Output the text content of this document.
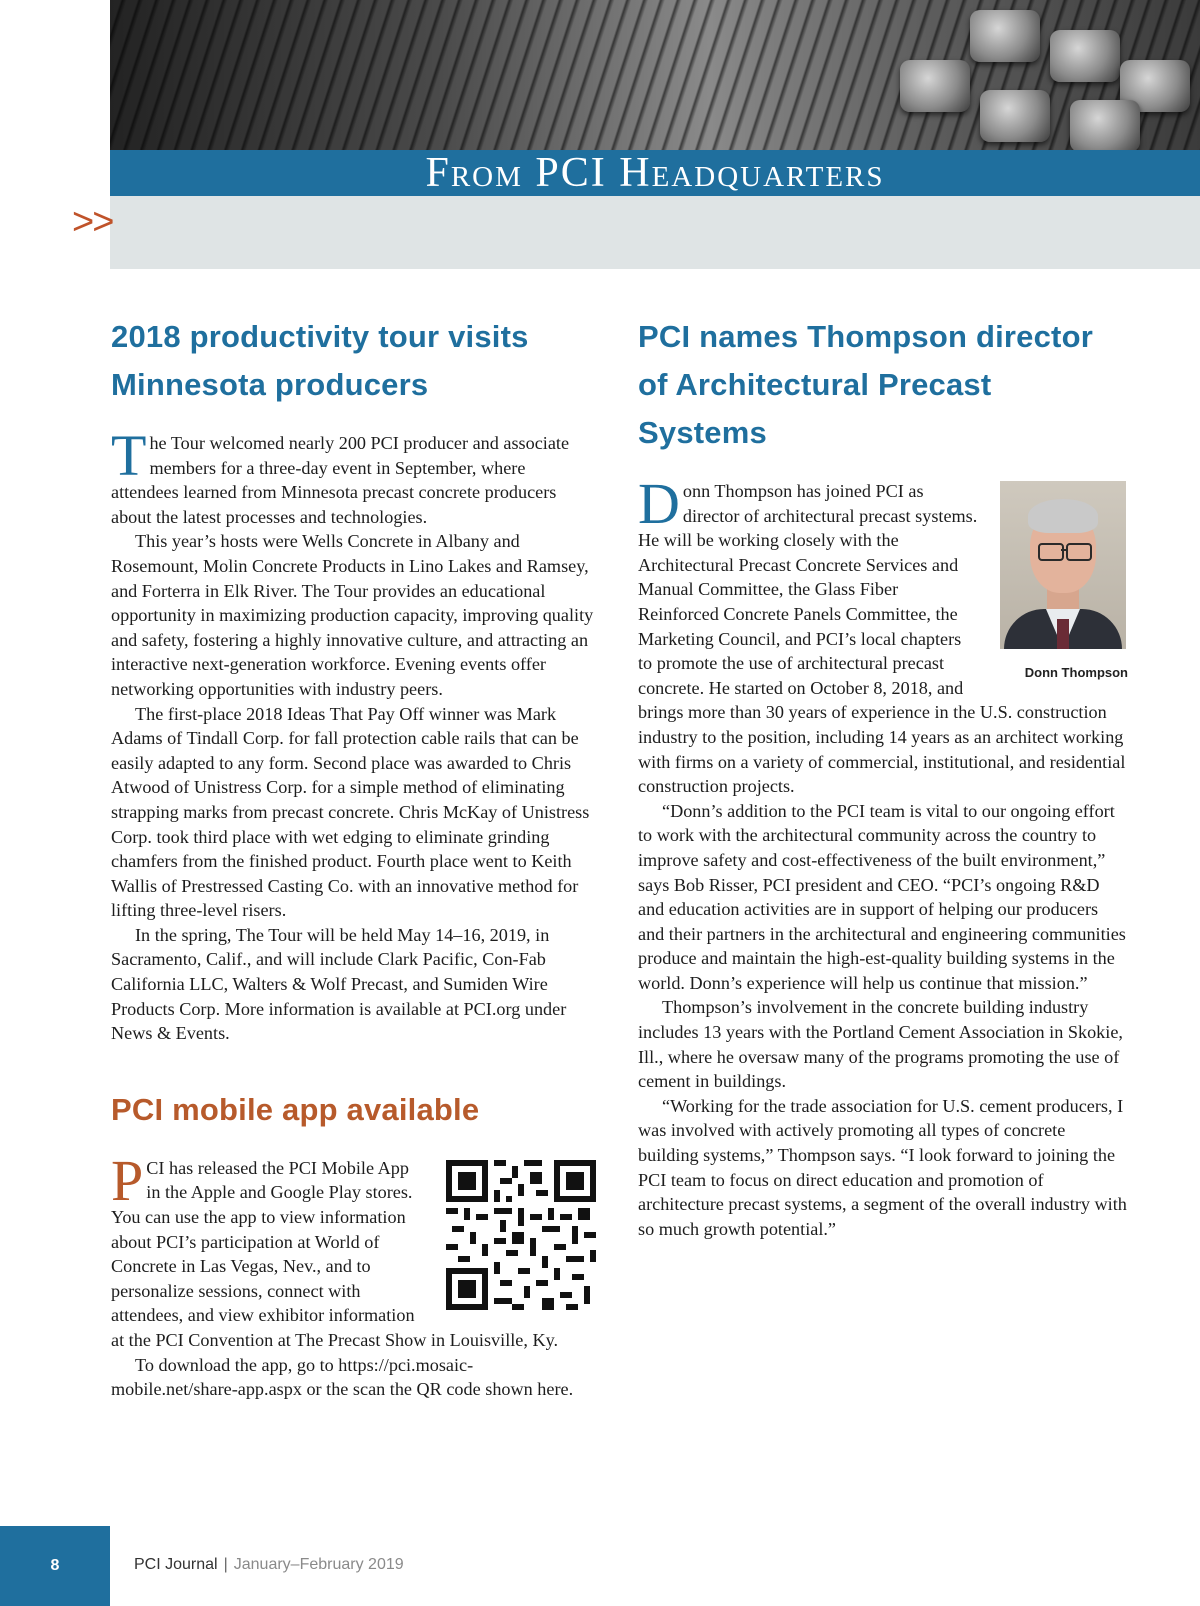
From PCI Headquarters
>>
2018 productivity tour visits Minnesota producers

The Tour welcomed nearly 200 PCI producer and associate members for a three-day event in September, where attendees learned from Minnesota precast concrete producers about the latest processes and technologies.

This year’s hosts were Wells Concrete in Albany and Rosemount, Molin Concrete Products in Lino Lakes and Ramsey, and Forterra in Elk River. The Tour provides an educational opportunity in maximizing production capacity, improving quality and safety, fostering a highly innovative culture, and attracting an interactive next-generation workforce. Evening events offer networking opportunities with industry peers.

The first-place 2018 Ideas That Pay Off winner was Mark Adams of Tindall Corp. for fall protection cable rails that can be easily adapted to any form. Second place was awarded to Chris Atwood of Unistress Corp. for a simple method of eliminating strapping marks from precast concrete. Chris McKay of Unistress Corp. took third place with wet edging to eliminate grinding chamfers from the finished product. Fourth place went to Keith Wallis of Prestressed Casting Co. with an innovative method for lifting three-level risers.

In the spring, The Tour will be held May 14–16, 2019, in Sacramento, Calif., and will include Clark Pacific, Con-Fab California LLC, Walters & Wolf Precast, and Sumiden Wire Products Corp. More information is available at PCI.org under News & Events.

PCI mobile app available

PCI has released the PCI Mobile App in the Apple and Google Play stores. You can use the app to view information about PCI’s participation at World of Concrete in Las Vegas, Nev., and to personalize sessions, connect with attendees, and view exhibitor information at the PCI Convention at The Precast Show in Louisville, Ky.

To download the app, go to https://pci.mosaic-mobile.net/share-app.aspx or the scan the QR code shown here.

PCI names Thompson director of Architectural Precast Systems
Donn Thompson

Donn Thompson has joined PCI as director of architectural precast systems. He will be working closely with the Architectural Precast Concrete Services and Manual Committee, the Glass Fiber Reinforced Concrete Panels Committee, the Marketing Council, and PCI’s local chapters to promote the use of architectural precast concrete. He started on October 8, 2018, and brings more than 30 years of experience in the U.S. construction industry to the position, including 14 years as an architect working with firms on a variety of commercial, institutional, and residential construction projects.

“Donn’s addition to the PCI team is vital to our ongoing effort to work with the architectural community across the country to improve safety and cost-effectiveness of the built environment,” says Bob Risser, PCI president and CEO. “PCI’s ongoing R&D and education activities are in support of helping our producers and their partners in the architectural and engineering communities produce and maintain the high-est-quality building systems in the world. Donn’s experience will help us continue that mission.”

Thompson’s involvement in the concrete building industry includes 13 years with the Portland Cement Association in Skokie, Ill., where he oversaw many of the programs promoting the use of cement in buildings.

“Working for the trade association for U.S. cement producers, I was involved with actively promoting all types of concrete building systems,” Thompson says. “I look forward to joining the PCI team to focus on direct education and promotion of architecture precast systems, a segment of the overall industry with so much growth potential.”

8	PCI Journal | January–February 2019
